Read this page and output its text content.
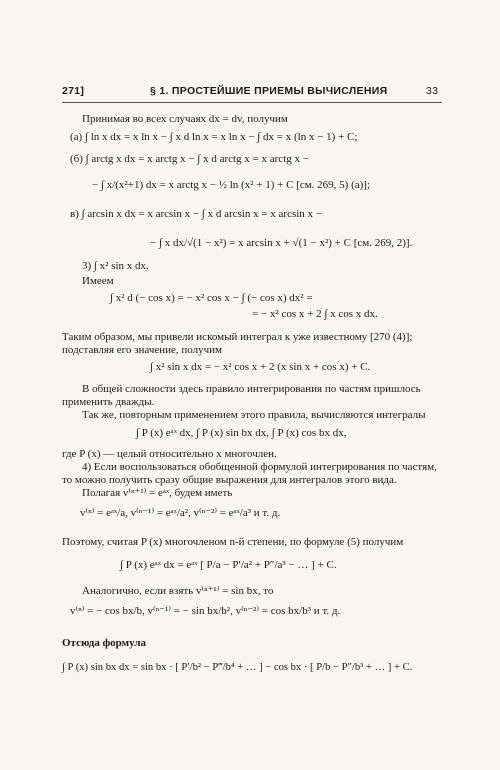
271]	§ 1. ПРОСТЕЙШИЕ ПРИЕМЫ ВЫЧИСЛЕНИЯ	33
Принимая во всех случаях dx = dv, получим
(a) ∫ ln x dx = x ln x − ∫ x d ln x = x ln x − ∫ dx = x (ln x − 1) + C;
(б) ∫ arctg x dx = x arctg x − ∫ x d arctg x = x arctg x −
− ∫ x/(x²+1) dx = x arctg x − ½ ln (x² + 1) + C [см. 269, 5) (а)];
в) ∫ arcsin x dx = x arcsin x − ∫ x d arcsin x = x arcsin x −
− ∫ x dx/√(1 − x²) = x arcsin x + √(1 − x²) + C [см. 269, 2)].
3) ∫ x² sin x dx.
Имеем
∫ x² d (− cos x) = − x² cos x − ∫ (− cos x) dx² =
= − x² cos x + 2 ∫ x cos x dx.
Таким образом, мы привели искомый интеграл к уже известному [270 (4)];
подставляя его значение, получим
∫ x² sin x dx = − x² cos x + 2 (x sin x + cos x) + C.
В общей сложности здесь правило интегрирования по частям пришлось
применить дважды.
Так же, повторным применением этого правила, вычисляются интегралы
∫ P (x) eᵃˣ dx, ∫ P (x) sin bx dx, ∫ P (x) cos bx dx,
где P (x) — целый относительно x многочлен.
4) Если воспользоваться обобщенной формулой интегрирования по частям,
то можно получить сразу общие выражения для интегралов этого вида.
Полагая v⁽ⁿ⁺¹⁾ = eᵃˣ, будем иметь
v⁽ⁿ⁾ = eᵃˣ/a, v⁽ⁿ⁻¹⁾ = eᵃˣ/a², v⁽ⁿ⁻²⁾ = eᵃˣ/a³ и т. д.
Поэтому, считая P (x) многочленом n-й степени, по формуле (5) получим
∫ P (x) eᵃˣ dx = eᵃˣ [ P/a − P′/a² + P″/a³ − … ] + C.
Аналогично, если взять v⁽ⁿ⁺¹⁾ = sin bx, то
v⁽ⁿ⁾ = − cos bx/b, v⁽ⁿ⁻¹⁾ = − sin bx/b², v⁽ⁿ⁻²⁾ = cos bx/b³ и т. д.
Отсюда формула
∫ P (x) sin bx dx = sin bx · [ P′/b² − P‴/b⁴ + … ] − cos bx · [ P/b − P″/b³ + … ] + C.
